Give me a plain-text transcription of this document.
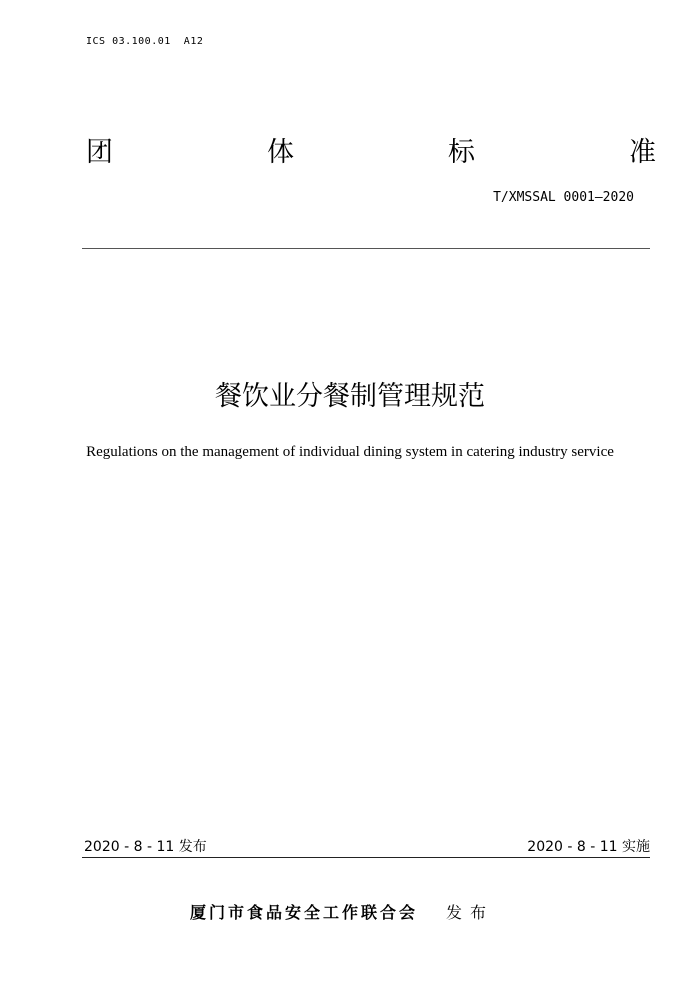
ICS 03.100.01  A12
团	体	标	准
T/XMSSAL 0001—2020
餐饮业分餐制管理规范
Regulations on the management of individual dining system in catering industry service
2020 - 8 - 11 发布	2020 - 8 - 11 实施
厦门市食品安全工作联合会 发布
